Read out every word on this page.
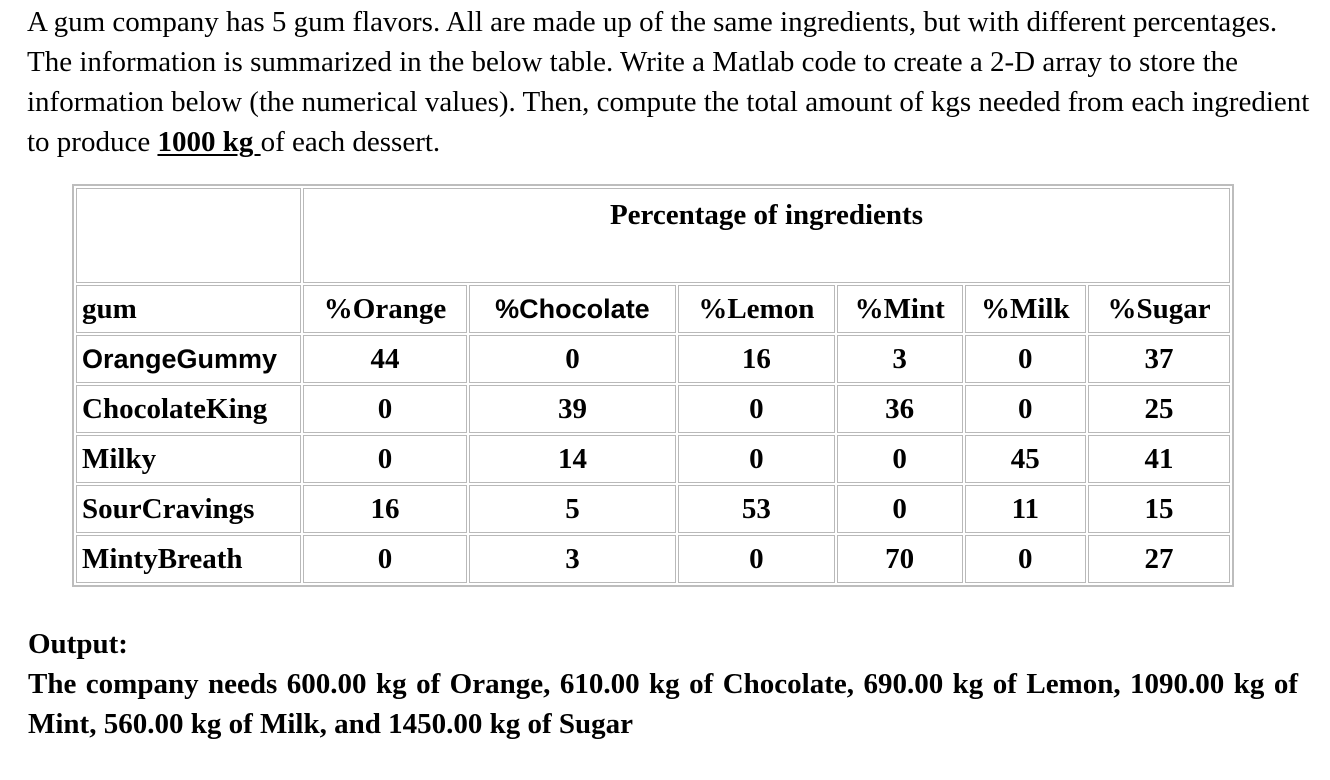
A gum company has 5 gum flavors. All are made up of the same ingredients, but with different percentages. The information is summarized in the below table. Write a Matlab code to create a 2-D array to store the information below (the numerical values). Then, compute the total amount of kgs needed from each ingredient to produce 1000 kg of each dessert.

	Percentage of ingredients					
gum	%Orange	%Chocolate	%Lemon	%Mint	%Milk	%Sugar
OrangeGummy	44	0	16	3	0	37
ChocolateKing	0	39	0	36	0	25
Milky	0	14	0	0	45	41
SourCravings	16	5	53	0	11	15
MintyBreath	0	3	0	70	0	27
Output:
The company needs 600.00 kg of Orange, 610.00 kg of Chocolate, 690.00 kg of Lemon, 1090.00 kg of Mint, 560.00 kg of Milk, and 1450.00 kg of Sugar
